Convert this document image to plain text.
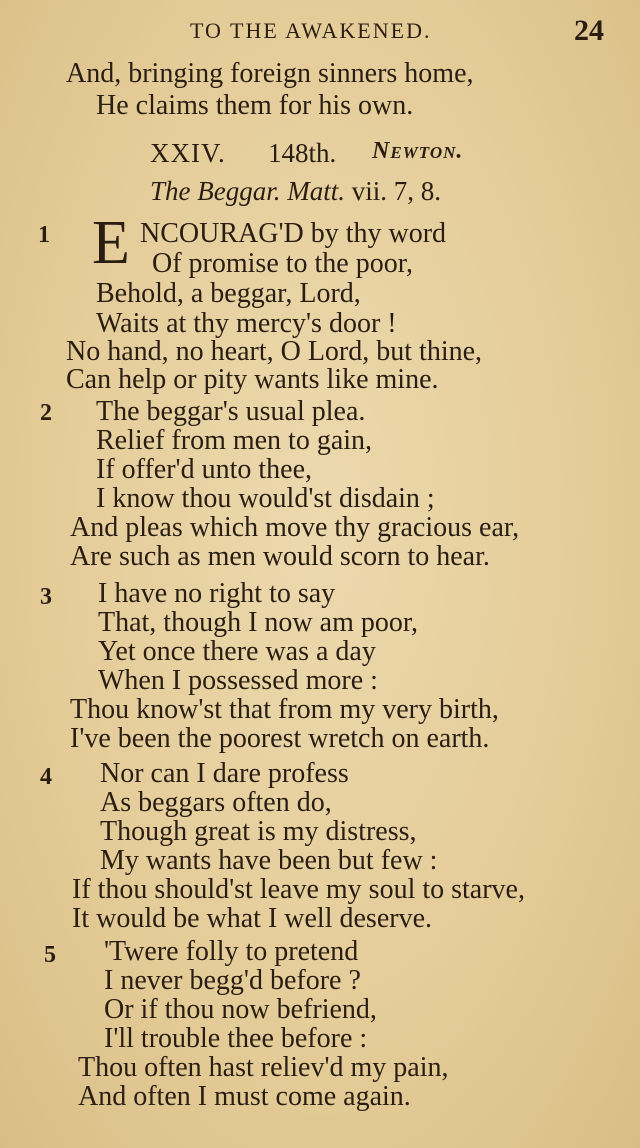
TO THE AWAKENED.	24
And, bringing foreign sinners home,
He claims them for his own.
XXIV. 148th. Newton.
The Beggar. Matt. vii. 7, 8.
1 E NCOURAG'D by thy word
Of promise to the poor,
Behold, a beggar, Lord,
Waits at thy mercy's door !
No hand, no heart, O Lord, but thine,
Can help or pity wants like mine.
2 The beggar's usual plea.
Relief from men to gain,
If offer'd unto thee,
I know thou would'st disdain ;
And pleas which move thy gracious ear,
Are such as men would scorn to hear.
3 I have no right to say
That, though I now am poor,
Yet once there was a day
When I possessed more :
Thou know'st that from my very birth,
I've been the poorest wretch on earth.
4 Nor can I dare profess
As beggars often do,
Though great is my distress,
My wants have been but few :
If thou should'st leave my soul to starve,
It would be what I well deserve.
5 'Twere folly to pretend
I never begg'd before ?
Or if thou now befriend,
I'll trouble thee before :
Thou often hast reliev'd my pain,
And often I must come again.
